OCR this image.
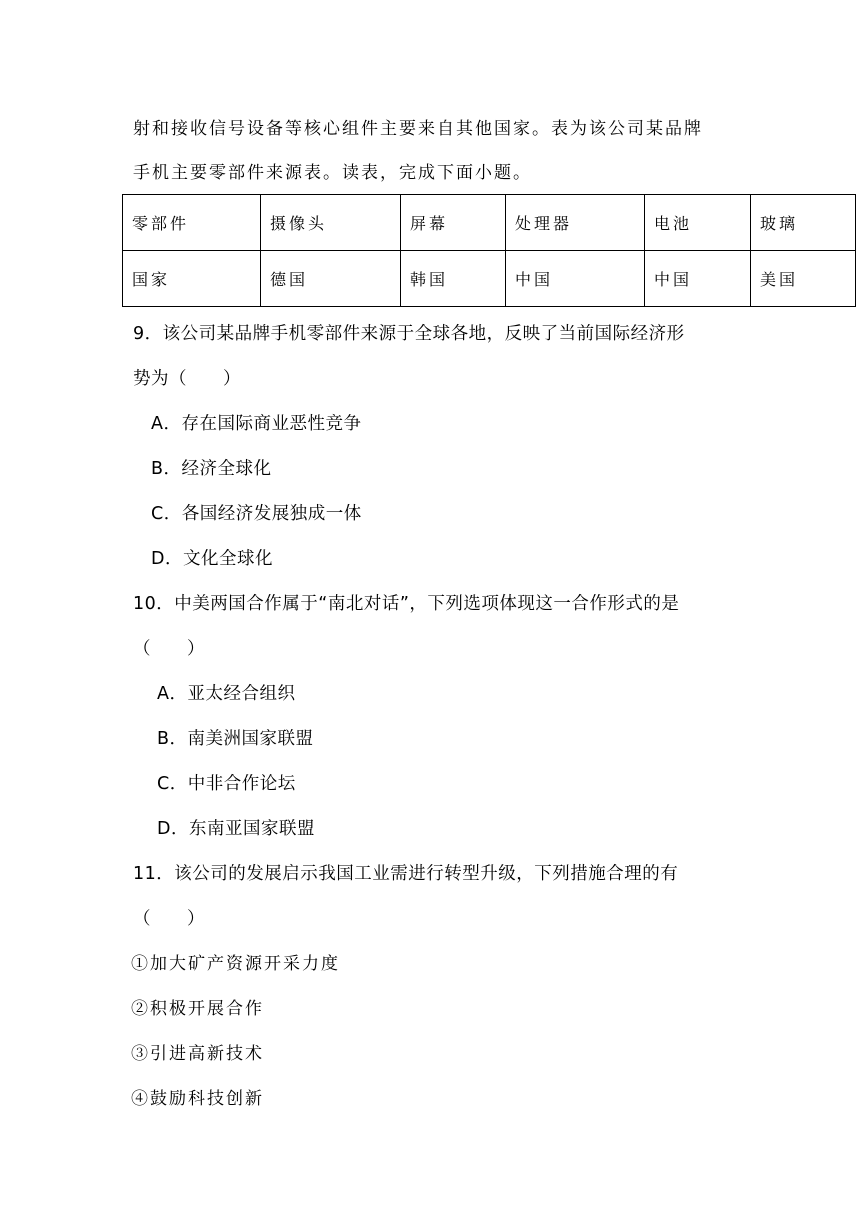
射和接收信号设备等核心组件主要来自其他国家。表为该公司某品牌
手机主要零部件来源表。读表，完成下面小题。
零部件	摄像头	屏幕	处理器	电池	玻璃
国家	德国	韩国	中国	中国	美国
9．该公司某品牌手机零部件来源于全球各地，反映了当前国际经济形
势为（　　）
A．存在国际商业恶性竞争
B．经济全球化
C．各国经济发展独成一体
D．文化全球化
10．中美两国合作属于“南北对话”，下列选项体现这一合作形式的是
（　　）
A．亚太经合组织
B．南美洲国家联盟
C．中非合作论坛
D．东南亚国家联盟
11．该公司的发展启示我国工业需进行转型升级，下列措施合理的有
（　　）
①加大矿产资源开采力度
②积极开展合作
③引进高新技术
④鼓励科技创新
